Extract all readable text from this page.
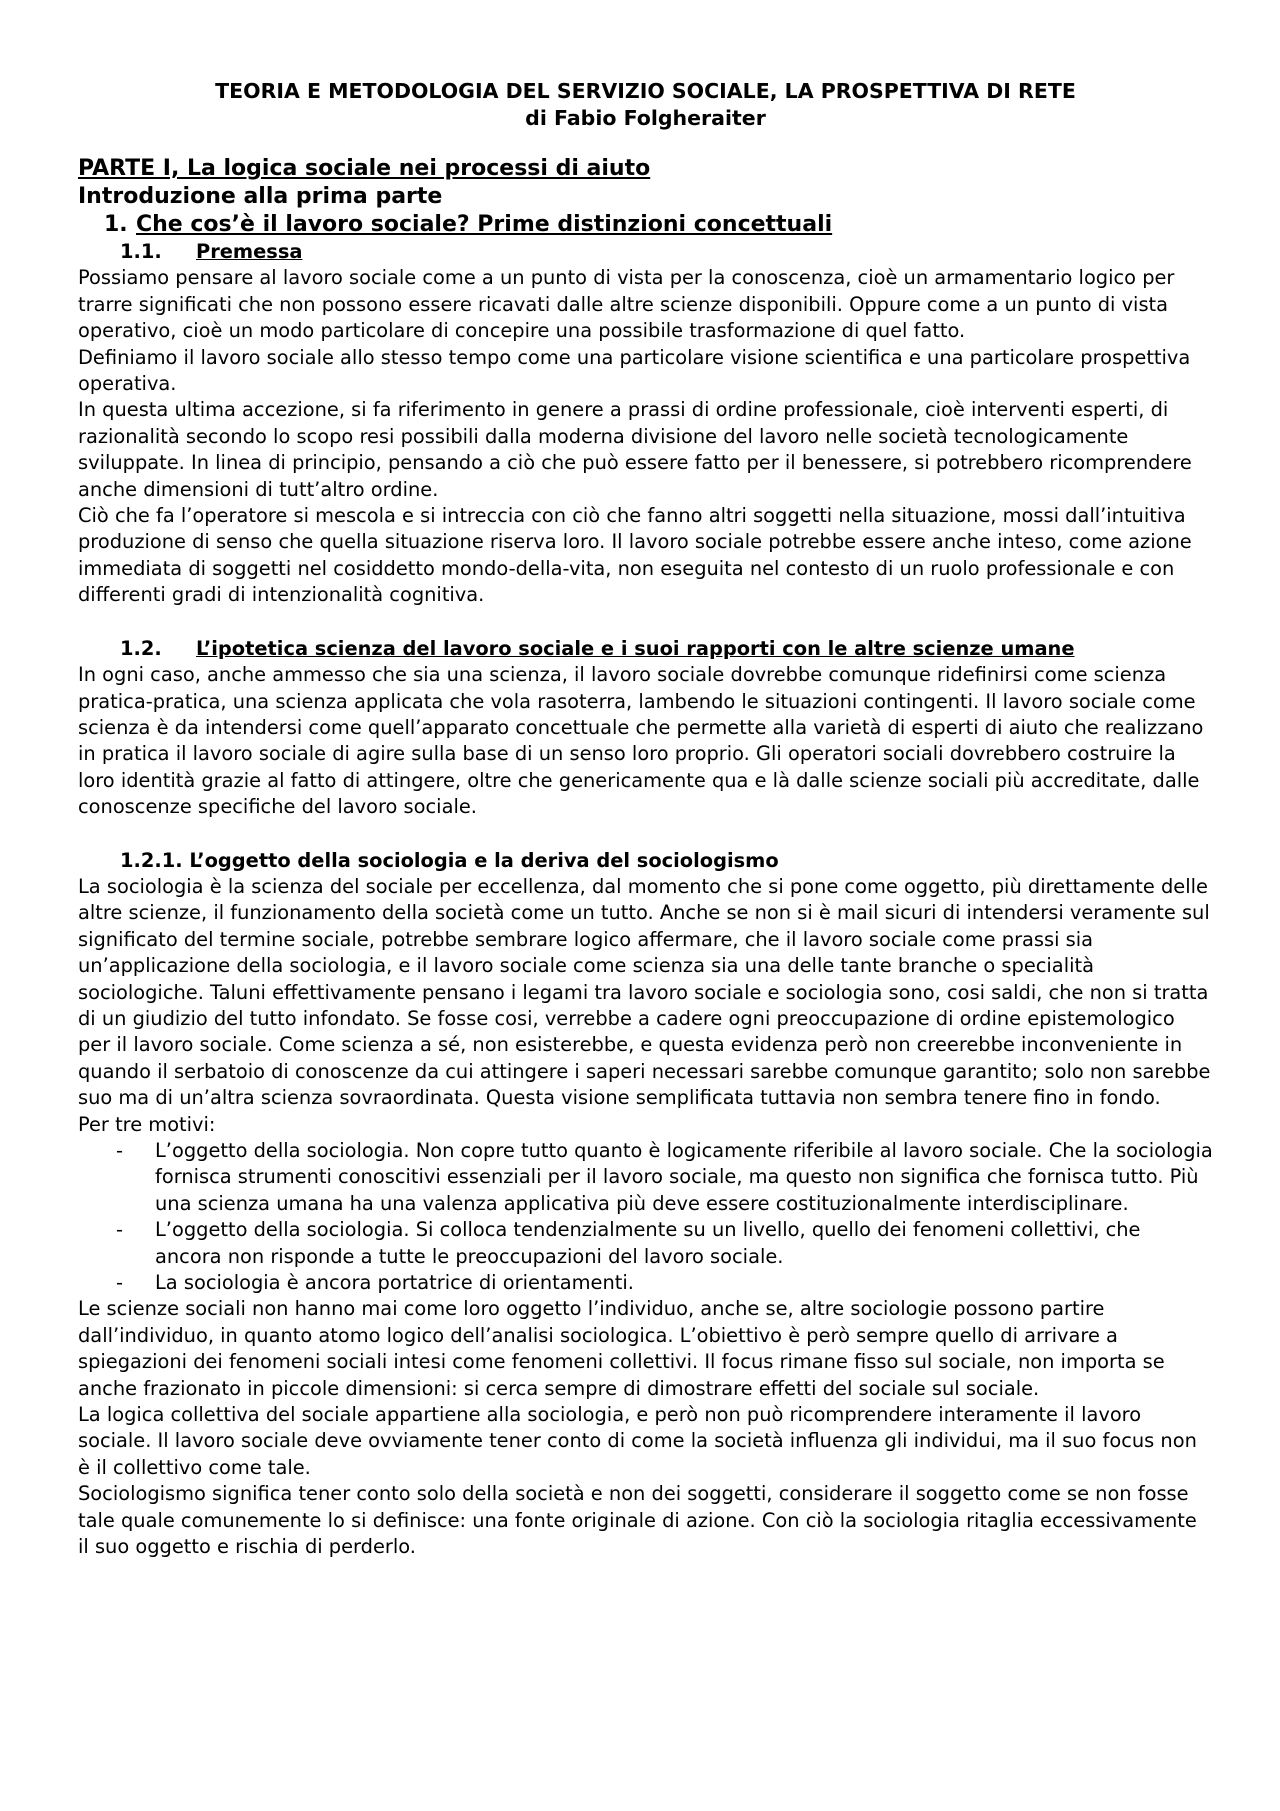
TEORIA E METODOLOGIA DEL SERVIZIO SOCIALE, LA PROSPETTIVA DI RETE

di Fabio Folgheraiter

PARTE I, La logica sociale nei processi di aiuto

Introduzione alla prima parte

1. Che cos’è il lavoro sociale? Prime distinzioni concettuali

1.1. Premessa

Possiamo pensare al lavoro sociale come a un punto di vista per la conoscenza, cioè un armamentario logico per trarre significati che non possono essere ricavati dalle altre scienze disponibili. Oppure come a un punto di vista operativo, cioè un modo particolare di concepire una possibile trasformazione di quel fatto.

Definiamo il lavoro sociale allo stesso tempo come una particolare visione scientifica e una particolare prospettiva operativa.

In questa ultima accezione, si fa riferimento in genere a prassi di ordine professionale, cioè interventi esperti, di razionalità secondo lo scopo resi possibili dalla moderna divisione del lavoro nelle società tecnologicamente sviluppate. In linea di principio, pensando a ciò che può essere fatto per il benessere, si potrebbero ricomprendere anche dimensioni di tutt’altro ordine.

Ciò che fa l’operatore si mescola e si intreccia con ciò che fanno altri soggetti nella situazione, mossi dall’intuitiva produzione di senso che quella situazione riserva loro. Il lavoro sociale potrebbe essere anche inteso, come azione immediata di soggetti nel cosiddetto mondo-della-vita, non eseguita nel contesto di un ruolo professionale e con differenti gradi di intenzionalità cognitiva.

1.2. L’ipotetica scienza del lavoro sociale e i suoi rapporti con le altre scienze umane

In ogni caso, anche ammesso che sia una scienza, il lavoro sociale dovrebbe comunque ridefinirsi come scienza pratica-pratica, una scienza applicata che vola rasoterra, lambendo le situazioni contingenti. Il lavoro sociale come scienza è da intendersi come quell’apparato concettuale che permette alla varietà di esperti di aiuto che realizzano in pratica il lavoro sociale di agire sulla base di un senso loro proprio. Gli operatori sociali dovrebbero costruire la loro identità grazie al fatto di attingere, oltre che genericamente qua e là dalle scienze sociali più accreditate, dalle conoscenze specifiche del lavoro sociale.

1.2.1. L’oggetto della sociologia e la deriva del sociologismo

La sociologia è la scienza del sociale per eccellenza, dal momento che si pone come oggetto, più direttamente delle altre scienze, il funzionamento della società come un tutto. Anche se non si è mail sicuri di intendersi veramente sul significato del termine sociale, potrebbe sembrare logico affermare, che il lavoro sociale come prassi sia un’applicazione della sociologia, e il lavoro sociale come scienza sia una delle tante branche o specialità sociologiche. Taluni effettivamente pensano i legami tra lavoro sociale e sociologia sono, cosi saldi, che non si tratta di un giudizio del tutto infondato. Se fosse cosi, verrebbe a cadere ogni preoccupazione di ordine epistemologico per il lavoro sociale. Come scienza a sé, non esisterebbe, e questa evidenza però non creerebbe inconveniente in quando il serbatoio di conoscenze da cui attingere i saperi necessari sarebbe comunque garantito; solo non sarebbe suo ma di un’altra scienza sovraordinata. Questa visione semplificata tuttavia non sembra tenere fino in fondo.

Per tre motivi:

- L’oggetto della sociologia. Non copre tutto quanto è logicamente riferibile al lavoro sociale. Che la sociologia fornisca strumenti conoscitivi essenziali per il lavoro sociale, ma questo non significa che fornisca tutto. Più una scienza umana ha una valenza applicativa più deve essere costituzionalmente interdisciplinare.
- L’oggetto della sociologia. Si colloca tendenzialmente su un livello, quello dei fenomeni collettivi, che ancora non risponde a tutte le preoccupazioni del lavoro sociale.
- La sociologia è ancora portatrice di orientamenti.

Le scienze sociali non hanno mai come loro oggetto l’individuo, anche se, altre sociologie possono partire dall’individuo, in quanto atomo logico dell’analisi sociologica. L’obiettivo è però sempre quello di arrivare a spiegazioni dei fenomeni sociali intesi come fenomeni collettivi. Il focus rimane fisso sul sociale, non importa se anche frazionato in piccole dimensioni: si cerca sempre di dimostrare effetti del sociale sul sociale.

La logica collettiva del sociale appartiene alla sociologia, e però non può ricomprendere interamente il lavoro sociale. Il lavoro sociale deve ovviamente tener conto di come la società influenza gli individui, ma il suo focus non è il collettivo come tale.

Sociologismo significa tener conto solo della società e non dei soggetti, considerare il soggetto come se non fosse tale quale comunemente lo si definisce: una fonte originale di azione. Con ciò la sociologia ritaglia eccessivamente il suo oggetto e rischia di perderlo.
